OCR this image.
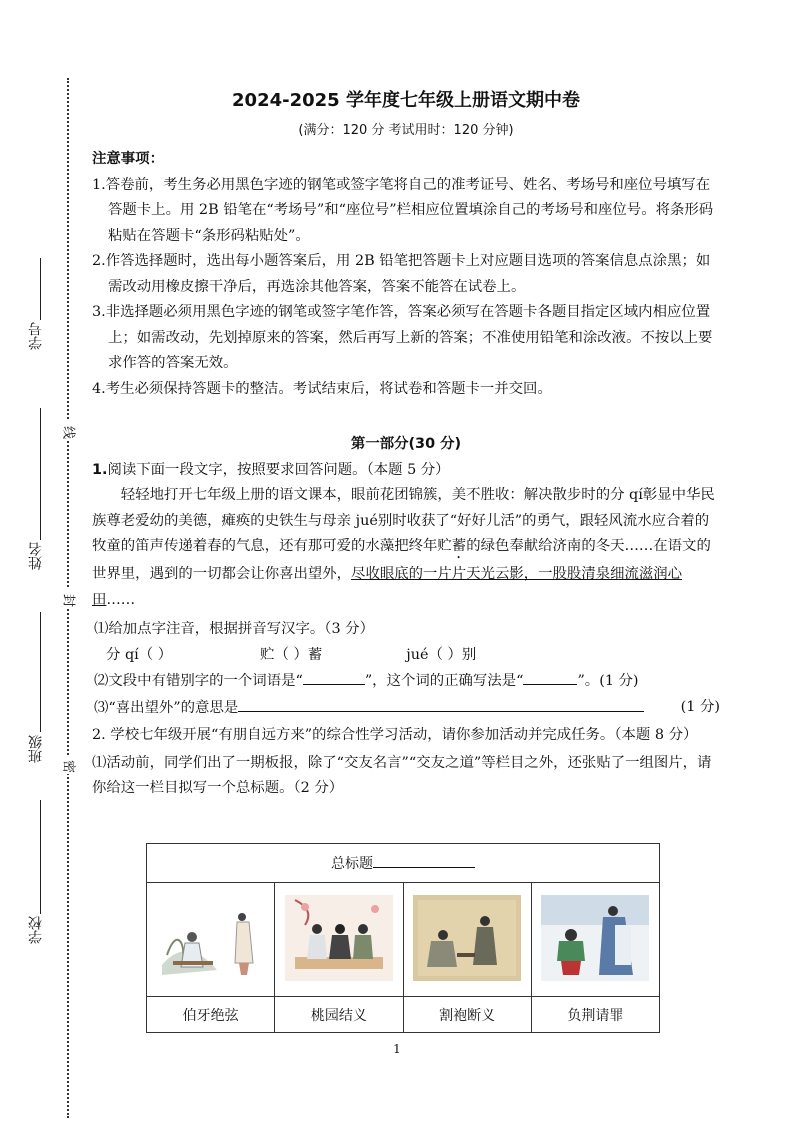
学号
姓名
班级
学校
线
封
密
2024-2025 学年度七年级上册语文期中卷
(满分：120 分 考试用时：120 分钟)
注意事项：
1.答卷前，考生务必用黑色字迹的钢笔或签字笔将自己的准考证号、姓名、考场号和座位号填写在答题卡上。用 2B 铅笔在“考场号”和“座位号”栏相应位置填涂自己的考场号和座位号。将条形码粘贴在答题卡“条形码粘贴处”。
2.作答选择题时，选出每小题答案后，用 2B 铅笔把答题卡上对应题目选项的答案信息点涂黑；如需改动用橡皮擦干净后，再选涂其他答案，答案不能答在试卷上。
3.非选择题必须用黑色字迹的钢笔或签字笔作答，答案必须写在答题卡各题目指定区域内相应位置上；如需改动，先划掉原来的答案，然后再写上新的答案；不准使用铅笔和涂改液。不按以上要求作答的答案无效。
4.考生必须保持答题卡的整洁。考试结束后，将试卷和答题卡一并交回。
第一部分(30 分)
1.阅读下面一段文字，按照要求回答问题。（本题 5 分）
轻轻地打开七年级上册的语文课本，眼前花团锦簇，美不胜收：解决散步时的分 qí彰显中华民族尊老爱幼的美德，瘫痪的史铁生与母亲 jué别时收获了“好好儿活”的勇气，跟轻风流水应合着的牧童的笛声传递着春的气息，还有那可爱的水藻把终年贮蓄的绿色奉献给济南的冬天……在语文的世界里，遇到的一切都会让你喜出望外，尽收眼底的一片片天光云影，一股股清泉细流滋润心田……
⑴给加点字注音，根据拼音写汉字。（3 分）
分 qí（ ）	贮（ ）蓄	jué（ ）别
⑵文段中有错别字的一个词语是“	”，这个词的正确写法是“	”。(1 分)
⑶“喜出望外”的意思是	(1 分)
2. 学校七年级开展“有朋自远方来”的综合性学习活动，请你参加活动并完成任务。（本题 8 分）
⑴活动前，同学们出了一期板报，除了“交友名言”“交友之道”等栏目之外，还张贴了一组图片，请你给这一栏目拟写一个总标题。（2 分）
总标题			

伯牙绝弦	桃园结义	割袍断义	负荆请罪
1
